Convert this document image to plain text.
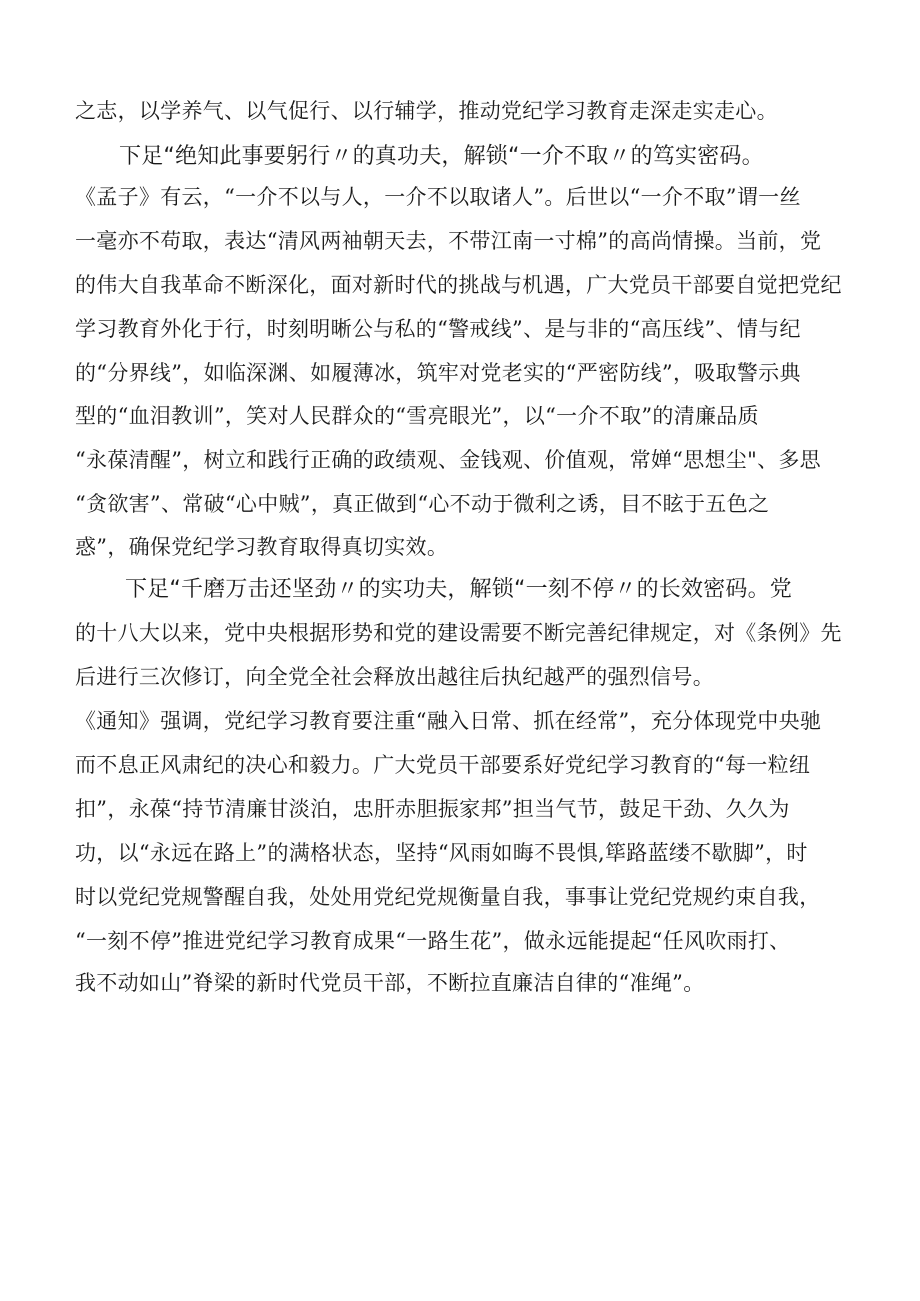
之志，以学养气、以气促行、以行辅学，推动党纪学习教育走深走实走心。
下足“绝知此事要躬行〃的真功夫，解锁“一介不取〃的笃实密码。
《孟子》有云，“一介不以与人，一介不以取诸人”。后世以“一介不取”谓一丝
一毫亦不苟取，表达“清风两袖朝天去，不带江南一寸棉”的高尚情操。当前，党
的伟大自我革命不断深化，面对新时代的挑战与机遇，广大党员干部要自觉把党纪
学习教育外化于行，时刻明晰公与私的“警戒线”、是与非的“高压线”、情与纪
的“分界线”，如临深渊、如履薄冰，筑牢对党老实的“严密防线”，吸取警示典
型的“血泪教训”，笑对人民群众的“雪亮眼光”，以“一介不取”的清廉品质
“永葆清醒”，树立和践行正确的政绩观、金钱观、价值观，常婵“思想尘"、多思
“贪欲害”、常破“心中贼”，真正做到“心不动于微利之诱，目不眩于五色之
惑”，确保党纪学习教育取得真切实效。
下足“千磨万击还坚劲〃的实功夫，解锁“一刻不停〃的长效密码。党
的十八大以来，党中央根据形势和党的建设需要不断完善纪律规定，对《条例》先
后进行三次修订，向全党全社会释放出越往后执纪越严的强烈信号。
《通知》强调，党纪学习教育要注重“融入日常、抓在经常”，充分体现党中央驰
而不息正风肃纪的决心和毅力。广大党员干部要系好党纪学习教育的“每一粒纽
扣”，永葆“持节清廉甘淡泊，忠肝赤胆振家邦”担当气节，鼓足干劲、久久为
功，以“永远在路上”的满格状态，坚持“风雨如晦不畏惧,筚路蓝缕不歇脚”，时
时以党纪党规警醒自我，处处用党纪党规衡量自我，事事让党纪党规约束自我，
“一刻不停”推进党纪学习教育成果“一路生花”，做永远能提起“任风吹雨打、
我不动如山”脊梁的新时代党员干部，不断拉直廉洁自律的“准绳”。
